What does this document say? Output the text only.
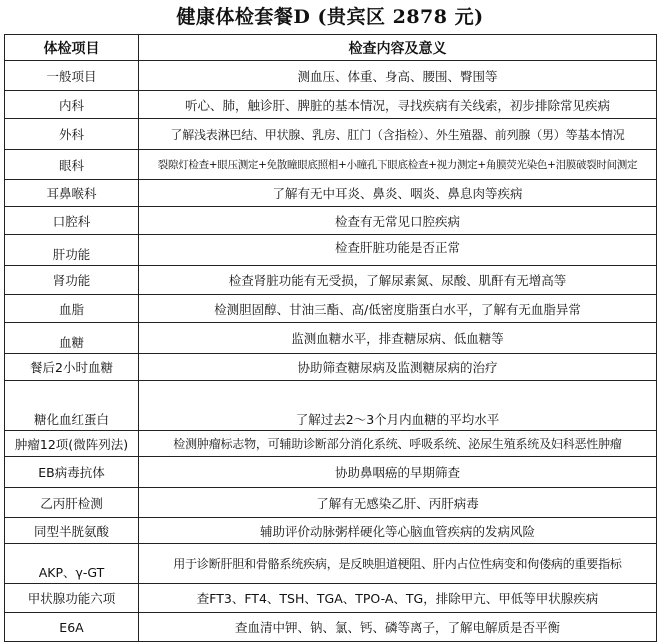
健康体检套餐D (贵宾区 2878 元)
体检项目	检查内容及意义
一般项目	测血压、体重、身高、腰围、臀围等
内科	听心、肺，触诊肝、脾脏的基本情况，寻找疾病有关线索，初步排除常见疾病
外科	了解浅表淋巴结、甲状腺、乳房、肛门（含指检）、外生殖器、前列腺（男）等基本情况
眼科	裂隙灯检查+眼压测定+免散瞳眼底照相+小瞳孔下眼底检查+视力测定+角膜荧光染色+泪膜破裂时间测定
耳鼻喉科	了解有无中耳炎、鼻炎、咽炎、鼻息肉等疾病
口腔科	检查有无常见口腔疾病
肝功能	检查肝脏功能是否正常
肾功能	检查肾脏功能有无受损，了解尿素氮、尿酸、肌酐有无增高等
血脂	检测胆固醇、甘油三酯、高/低密度脂蛋白水平，了解有无血脂异常
血糖	监测血糖水平，排查糖尿病、低血糖等
餐后2小时血糖	协助筛查糖尿病及监测糖尿病的治疗
糖化血红蛋白	了解过去2～3个月内血糖的平均水平
肿瘤12项(微阵列法)	检测肿瘤标志物，可辅助诊断部分消化系统、呼吸系统、泌尿生殖系统及妇科恶性肿瘤
EB病毒抗体	协助鼻咽癌的早期筛查
乙丙肝检测	了解有无感染乙肝、丙肝病毒
同型半胱氨酸	辅助评价动脉粥样硬化等心脑血管疾病的发病风险
AKP、γ-GT	用于诊断肝胆和骨骼系统疾病，是反映胆道梗阻、肝内占位性病变和佝偻病的重要指标
甲状腺功能六项	查FT3、FT4、TSH、TGA、TPO-A、TG，排除甲亢、甲低等甲状腺疾病
E6A	查血清中钾、钠、氯、钙、磷等离子，了解电解质是否平衡
